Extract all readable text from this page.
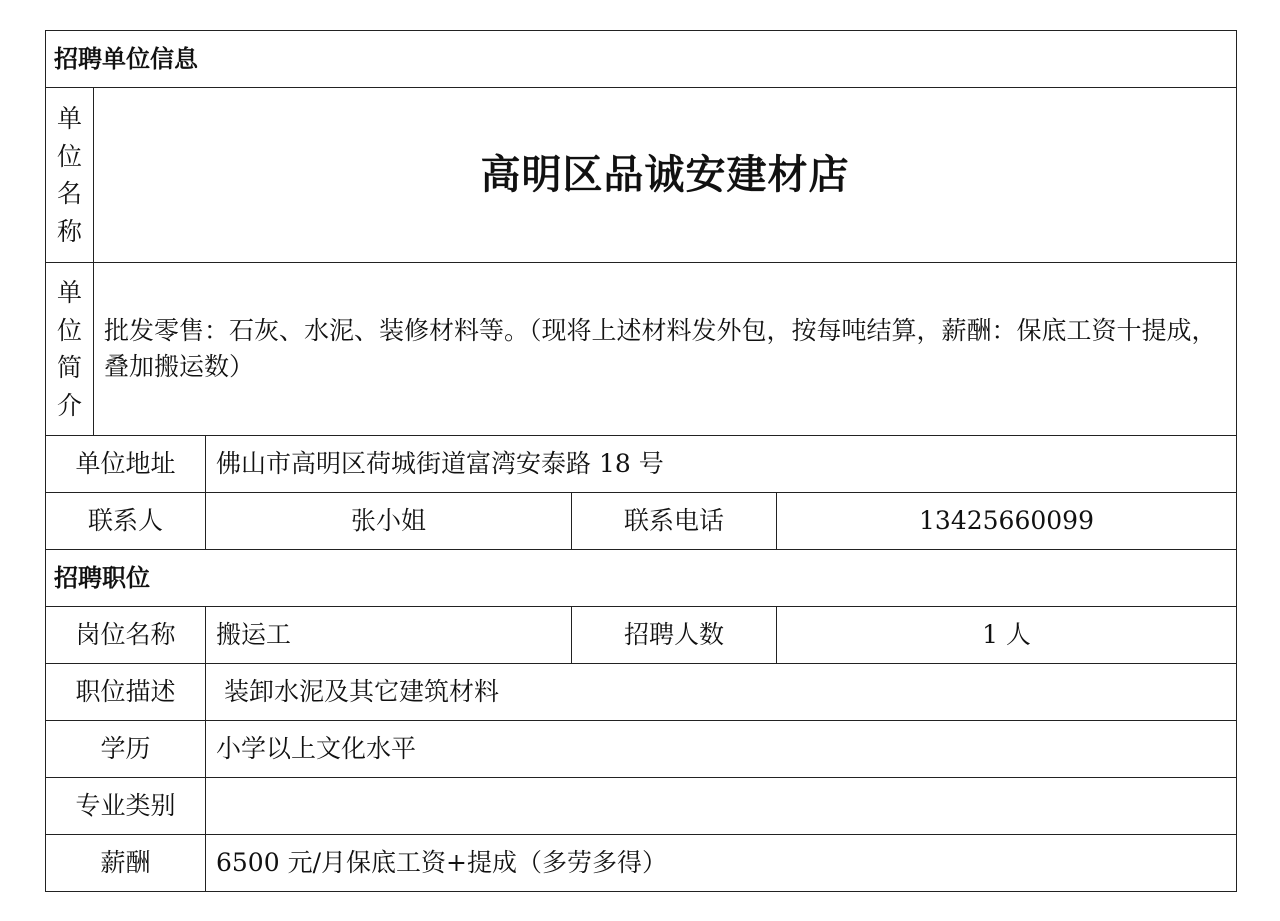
招聘单位信息				

单
位
名
称	高明区品诚安建材店			

单
位
简
介	批发零售：石灰、水泥、装修材料等。（现将上述材料发外包，按每吨结算，薪酬：保底工资十提成，叠加搬运数）			
单位地址		佛山市高明区荷城街道富湾安泰路 18 号		
联系人		张小姐	联系电话	13425660099
招聘职位				
岗位名称		搬运工	招聘人数	1 人
职位描述		装卸水泥及其它建筑材料		
学历		小学以上文化水平		
专业类别				
薪酬		6500 元/月保底工资+提成（多劳多得）		
